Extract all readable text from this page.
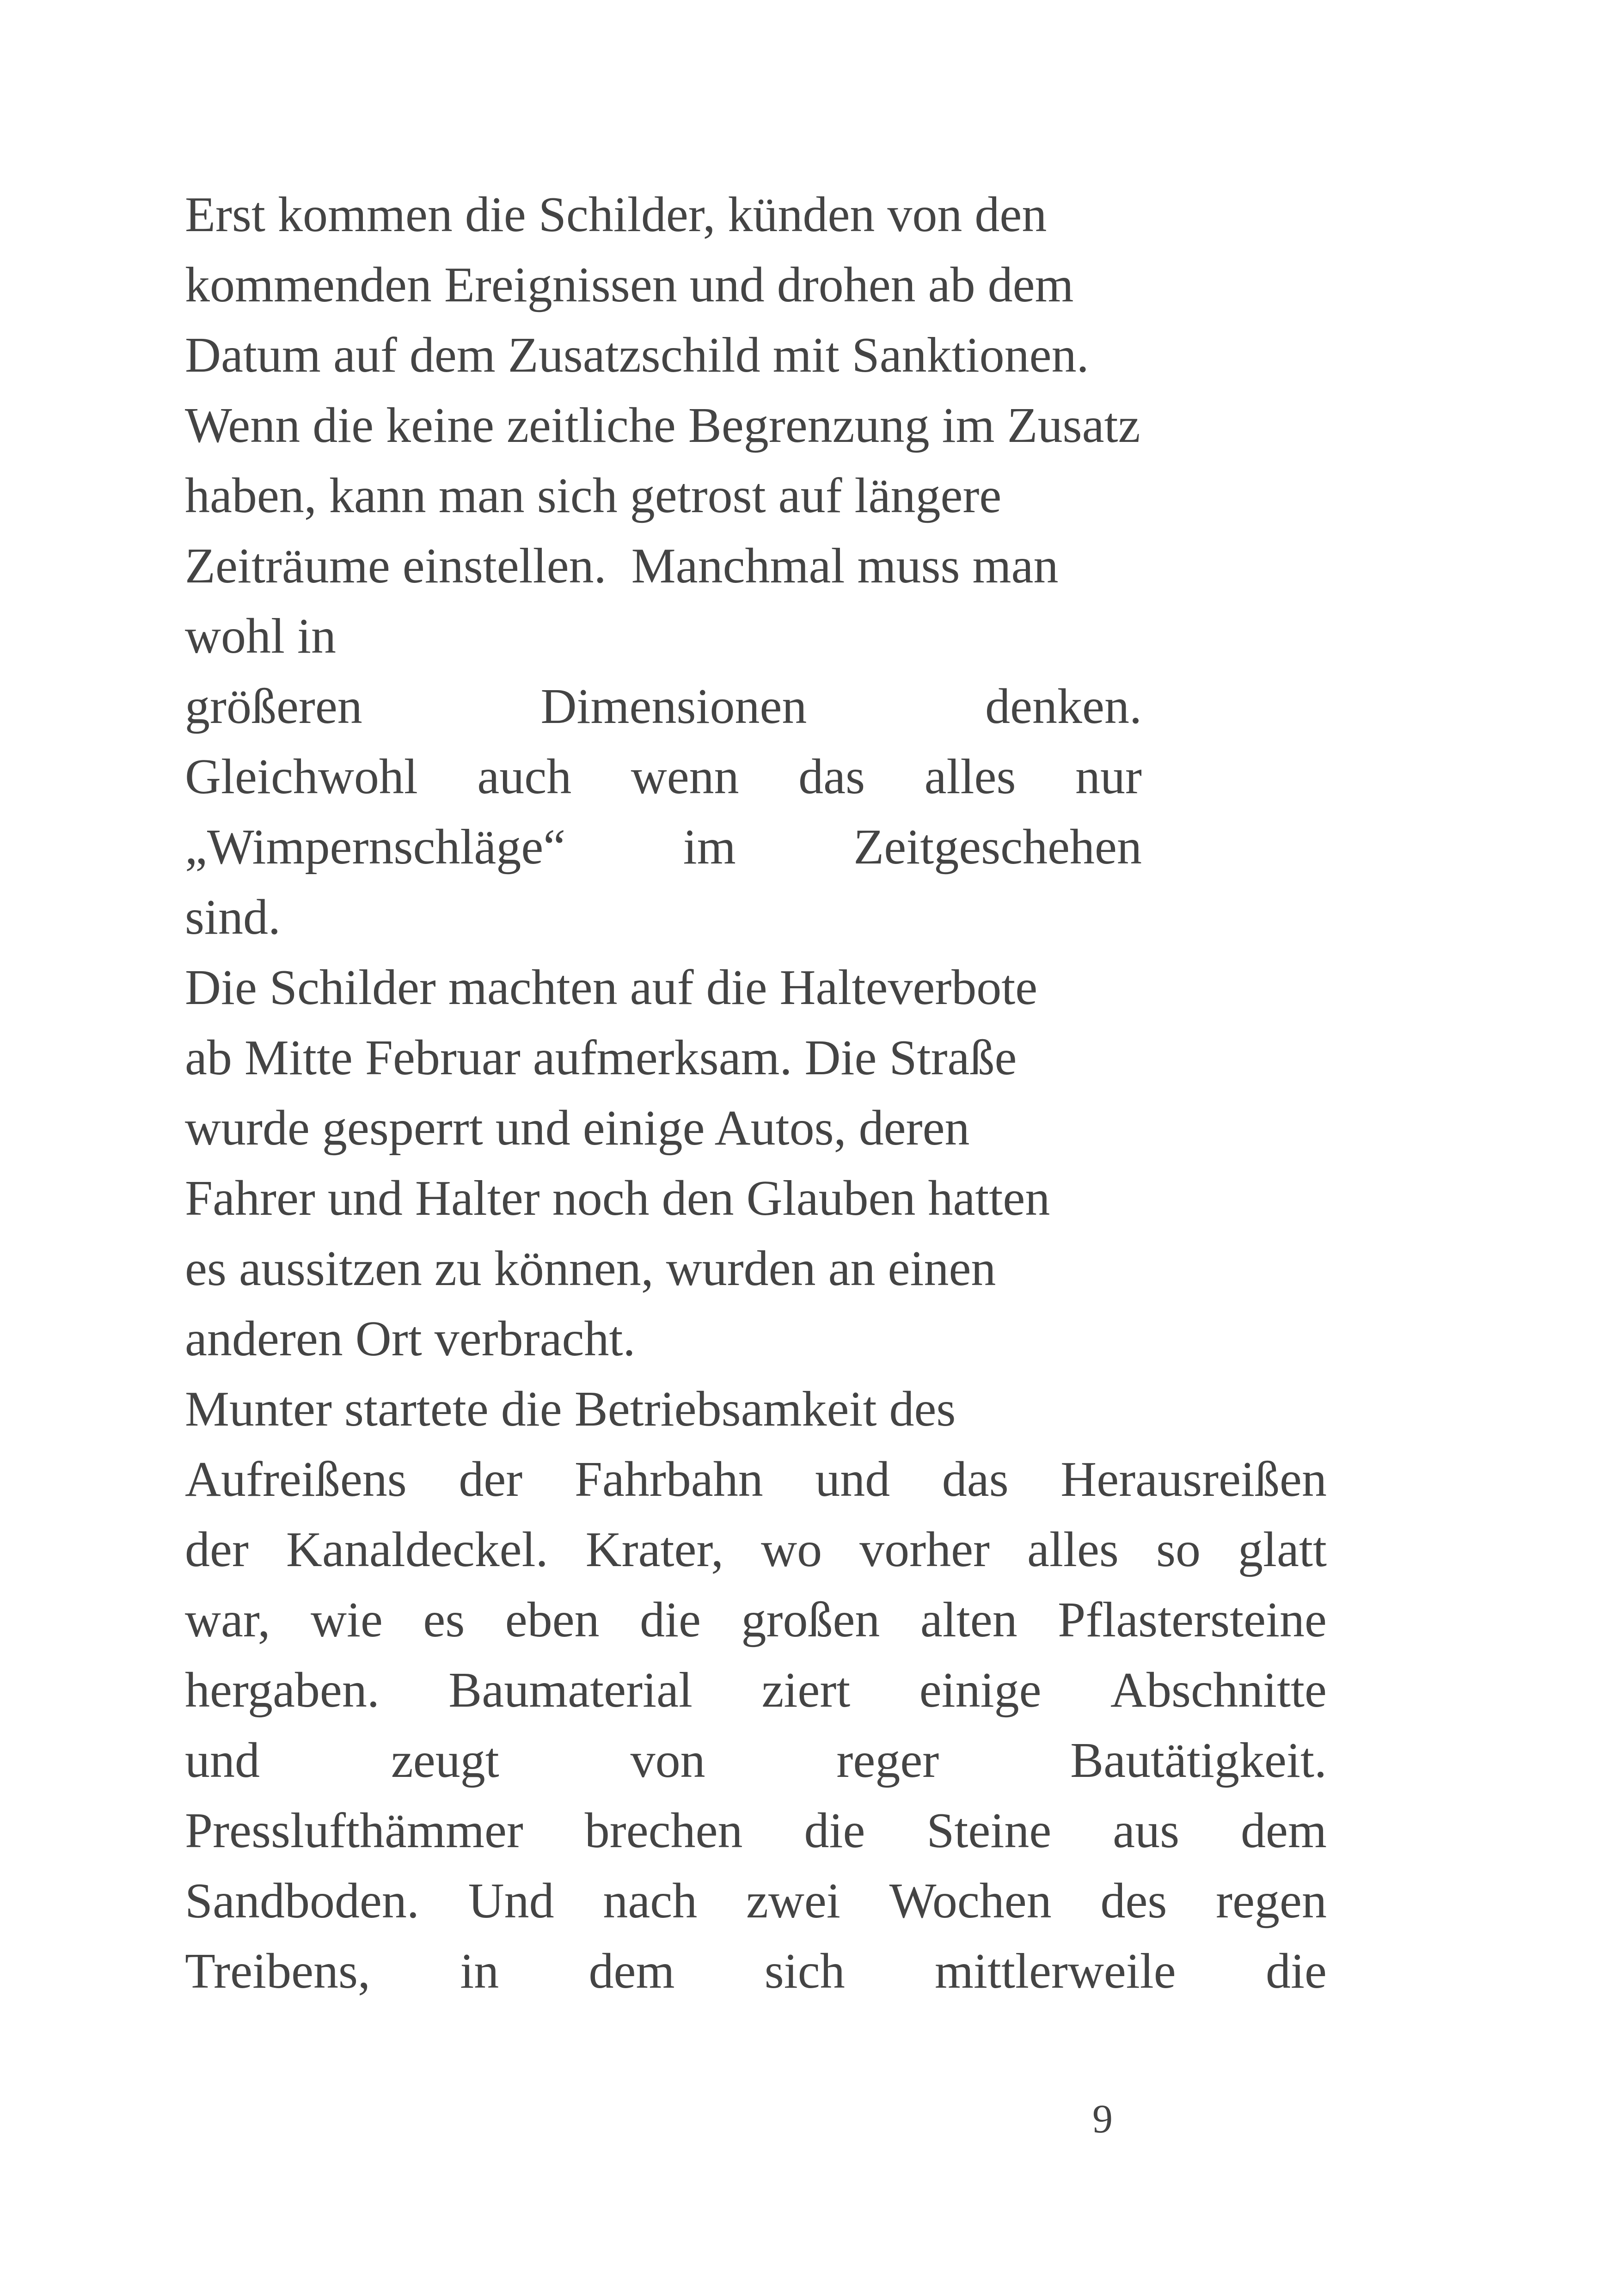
Erst kommen die Schilder, künden von den
kommenden Ereignissen und drohen ab dem
Datum auf dem Zusatzschild mit Sanktionen.
Wenn die keine zeitliche Begrenzung im Zusatz
haben, kann man sich getrost auf längere
Zeiträume einstellen.  Manchmal muss man
wohl in
größeren	Dimensionen	denken.
Gleichwohl auch wenn das alles nur
„Wimpernschläge“ im Zeitgeschehen
sind.
Die Schilder machten auf die Halteverbote
ab Mitte Februar aufmerksam. Die Straße
wurde gesperrt und einige Autos, deren
Fahrer und Halter noch den Glauben hatten
es aussitzen zu können, wurden an einen
anderen Ort verbracht.
Munter startete die Betriebsamkeit des
Aufreißens der Fahrbahn und das Herausreißen
der Kanaldeckel. Krater, wo vorher alles so glatt
war, wie es eben die großen alten Pflastersteine
hergaben. Baumaterial ziert einige Abschnitte
und	zeugt	von	reger	Bautätigkeit.
Presslufthämmer brechen die Steine aus dem
Sandboden. Und nach zwei Wochen des regen
Treibens, in dem sich mittlerweile die
9
